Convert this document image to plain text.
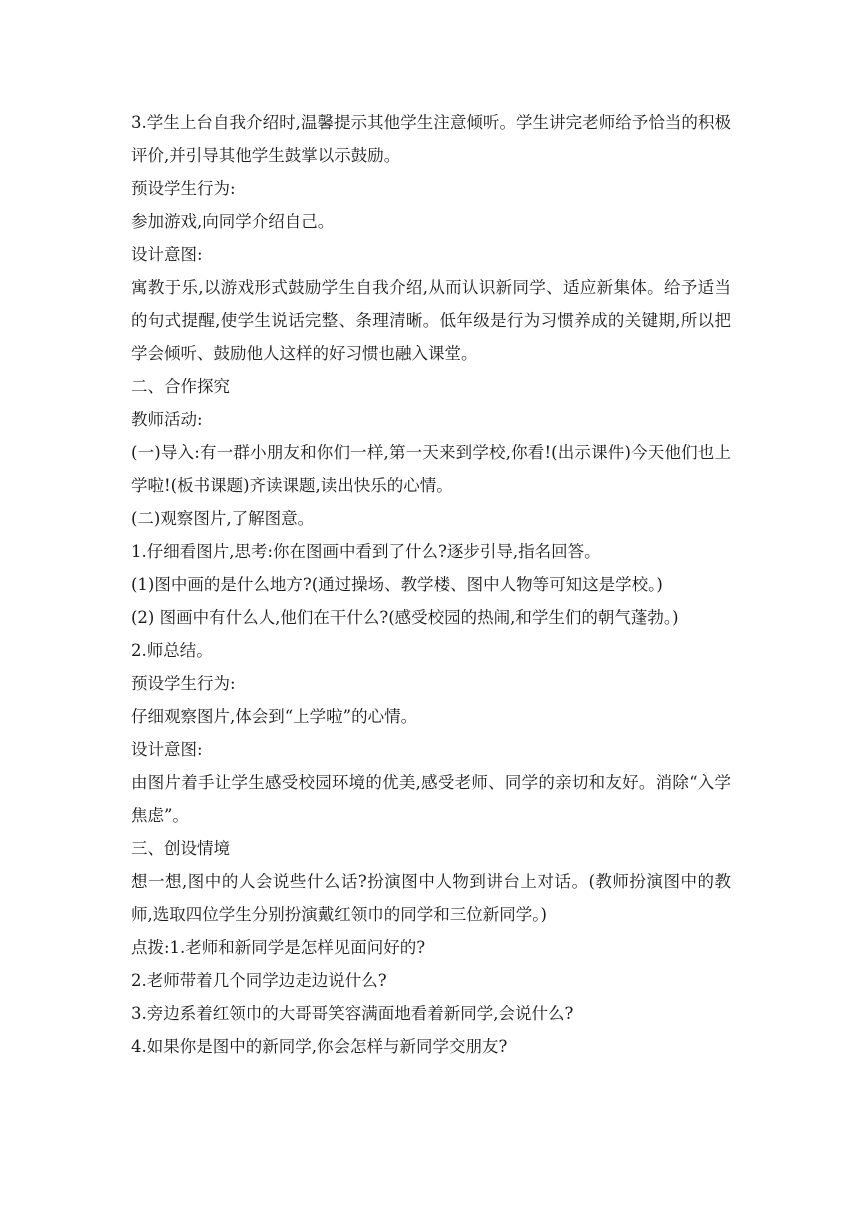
3.学生上台自我介绍时,温馨提示其他学生注意倾听。学生讲完老师给予恰当的积极评价,并引导其他学生鼓掌以示鼓励。

预设学生行为:

参加游戏,向同学介绍自己。

设计意图:

寓教于乐,以游戏形式鼓励学生自我介绍,从而认识新同学、适应新集体。给予适当的句式提醒,使学生说话完整、条理清晰。低年级是行为习惯养成的关键期,所以把学会倾听、鼓励他人这样的好习惯也融入课堂。

二、合作探究

教师活动:

(一)导入:有一群小朋友和你们一样,第一天来到学校,你看!(出示课件)今天他们也上学啦!(板书课题)齐读课题,读出快乐的心情。

(二)观察图片,了解图意。

1.仔细看图片,思考:你在图画中看到了什么?逐步引导,指名回答。

(1)图中画的是什么地方?(通过操场、教学楼、图中人物等可知这是学校。)

(2) 图画中有什么人,他们在干什么?(感受校园的热闹,和学生们的朝气蓬勃。)

2.师总结。

预设学生行为:

仔细观察图片,体会到“上学啦”的心情。

设计意图:

由图片着手让学生感受校园环境的优美,感受老师、同学的亲切和友好。消除“入学焦虑”。

三、创设情境

想一想,图中的人会说些什么话?扮演图中人物到讲台上对话。(教师扮演图中的教师,选取四位学生分别扮演戴红领巾的同学和三位新同学。)

点拨:1.老师和新同学是怎样见面问好的?

2.老师带着几个同学边走边说什么?

3.旁边系着红领巾的大哥哥笑容满面地看着新同学,会说什么?

4.如果你是图中的新同学,你会怎样与新同学交朋友?
